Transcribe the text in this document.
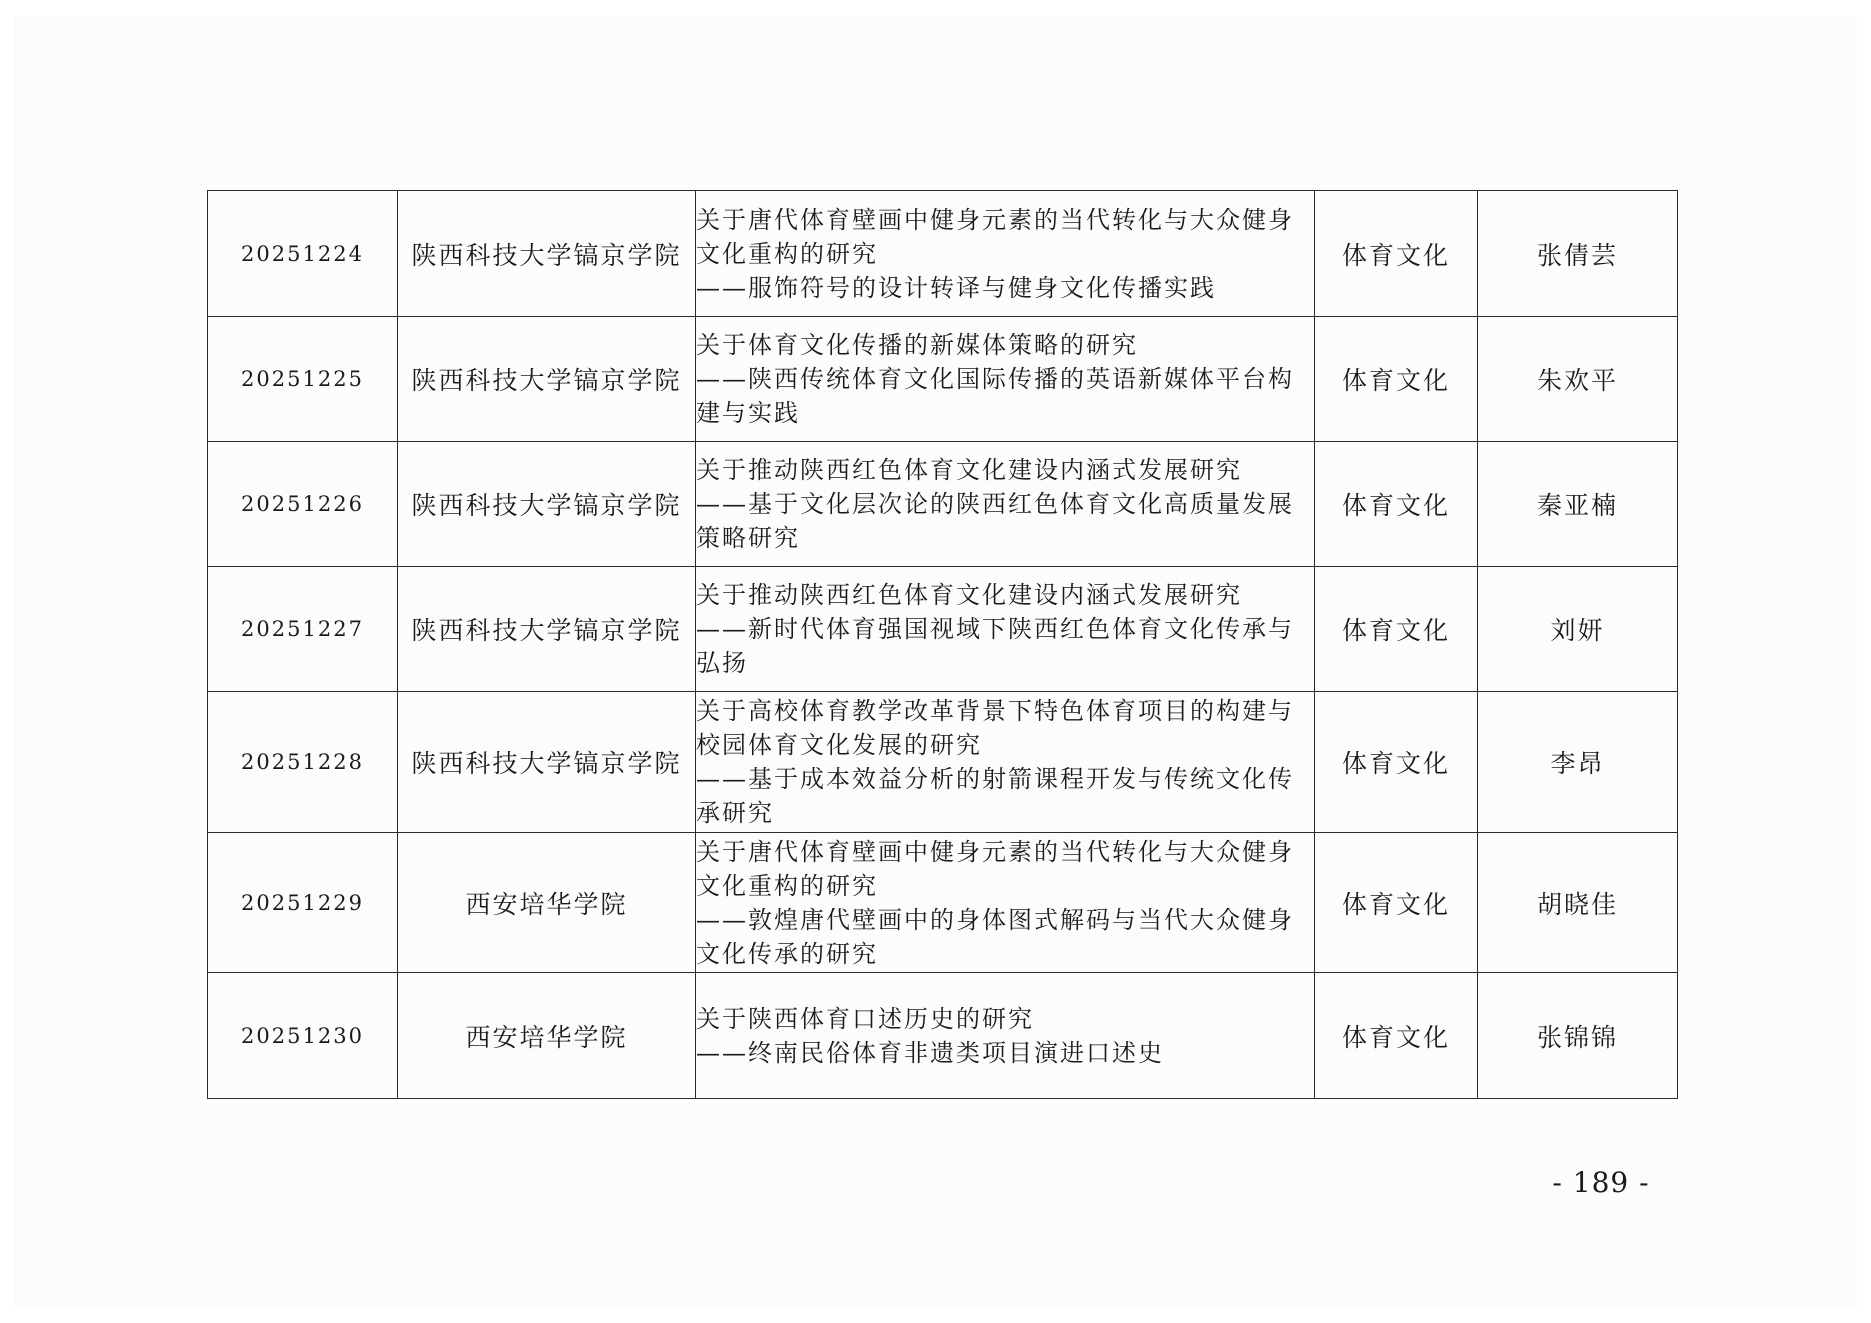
20251224	陕西科技大学镐京学院	关于唐代体育壁画中健身元素的当代转化与大众健身
文化重构的研究
——服饰符号的设计转译与健身文化传播实践	体育文化	张倩芸
20251225	陕西科技大学镐京学院	关于体育文化传播的新媒体策略的研究
——陕西传统体育文化国际传播的英语新媒体平台构
建与实践	体育文化	朱欢平
20251226	陕西科技大学镐京学院	关于推动陕西红色体育文化建设内涵式发展研究
——基于文化层次论的陕西红色体育文化高质量发展
策略研究	体育文化	秦亚楠
20251227	陕西科技大学镐京学院	关于推动陕西红色体育文化建设内涵式发展研究
——新时代体育强国视域下陕西红色体育文化传承与
弘扬	体育文化	刘妍
20251228	陕西科技大学镐京学院	关于高校体育教学改革背景下特色体育项目的构建与
校园体育文化发展的研究
——基于成本效益分析的射箭课程开发与传统文化传
承研究	体育文化	李昂
20251229	西安培华学院	关于唐代体育壁画中健身元素的当代转化与大众健身
文化重构的研究
——敦煌唐代壁画中的身体图式解码与当代大众健身
文化传承的研究	体育文化	胡晓佳
20251230	西安培华学院	关于陕西体育口述历史的研究
——终南民俗体育非遗类项目演进口述史	体育文化	张锦锦
- 189 -
